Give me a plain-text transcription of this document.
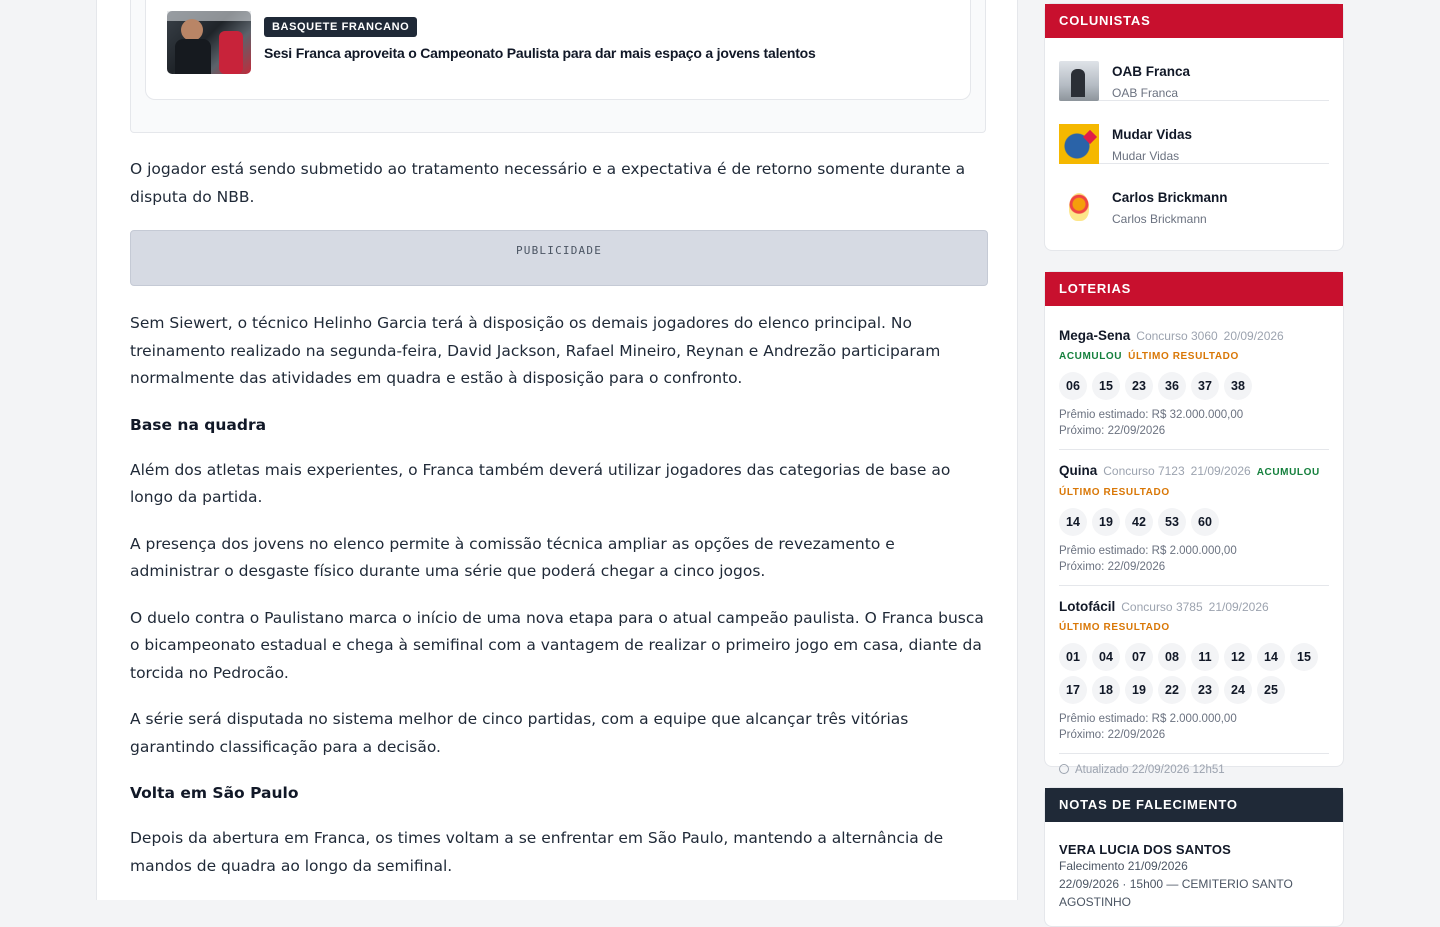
BASQUETE FRANCANO
Sesi Franca aproveita o Campeonato Paulista para dar mais espaço a jovens talentos

O jogador está sendo submetido ao tratamento necessário e a expectativa é de retorno somente durante a disputa do NBB.

PUBLICIDADE

Sem Siewert, o técnico Helinho Garcia terá à disposição os demais jogadores do elenco principal. No treinamento realizado na segunda-feira, David Jackson, Rafael Mineiro, Reynan e Andrezão participaram normalmente das atividades em quadra e estão à disposição para o confronto.

Base na quadra

Além dos atletas mais experientes, o Franca também deverá utilizar jogadores das categorias de base ao longo da partida.

A presença dos jovens no elenco permite à comissão técnica ampliar as opções de revezamento e administrar o desgaste físico durante uma série que poderá chegar a cinco jogos.

O duelo contra o Paulistano marca o início de uma nova etapa para o atual campeão paulista. O Franca busca o bicampeonato estadual e chega à semifinal com a vantagem de realizar o primeiro jogo em casa, diante da torcida no Pedrocão.

A série será disputada no sistema melhor de cinco partidas, com a equipe que alcançar três vitórias garantindo classificação para a decisão.

Volta em São Paulo

Depois da abertura em Franca, os times voltam a se enfrentar em São Paulo, mantendo a alternância de mandos de quadra ao longo da semifinal.

COLUNISTAS
OAB Franca
OAB Franca
Mudar Vidas
Mudar Vidas
Carlos Brickmann
Carlos Brickmann
LOTERIAS
Mega-Sena Concurso 3060 20/09/2026
ACUMULOU ÚLTIMO RESULTADO
06 15 23 36 37 38
Prêmio estimado: R$ 32.000.000,00
Próximo: 22/09/2026
Quina Concurso 7123 21/09/2026 ACUMULOU
ÚLTIMO RESULTADO
14 19 42 53 60
Prêmio estimado: R$ 2.000.000,00
Próximo: 22/09/2026
Lotofácil Concurso 3785 21/09/2026
ÚLTIMO RESULTADO
01 04 07 08 11 12 14 1517 18 19 22 23 24 25
Prêmio estimado: R$ 2.000.000,00
Próximo: 22/09/2026
Atualizado 22/09/2026 12h51
NOTAS DE FALECIMENTO
VERA LUCIA DOS SANTOS
Falecimento 21/09/2026
22/09/2026 · 15h00 — CEMITERIO SANTO AGOSTINHO
